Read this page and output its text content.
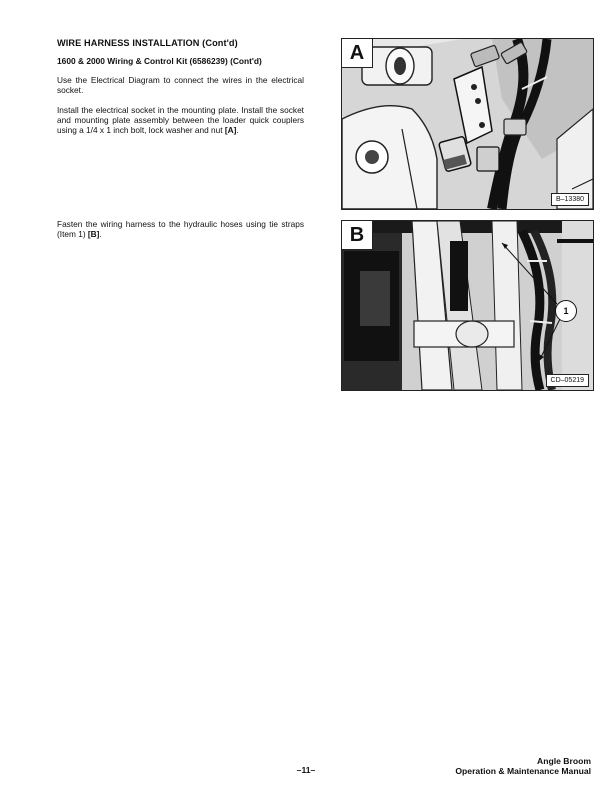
WIRE HARNESS INSTALLATION (Cont'd)
1600 & 2000 Wiring & Control Kit (6586239) (Cont'd)
Use the Electrical Diagram to connect the wires in the electrical socket.
Install the electrical socket in the mounting plate. Install the socket and mounting plate assembly between the loader quick couplers using a 1/4 x 1 inch bolt, lock washer and nut [A].
Fasten the wiring harness to the hydraulic hoses using tie straps (Item 1) [B].
A
B–13380
B
1
CD–05219
–11–
Angle Broom
Operation & Maintenance Manual
